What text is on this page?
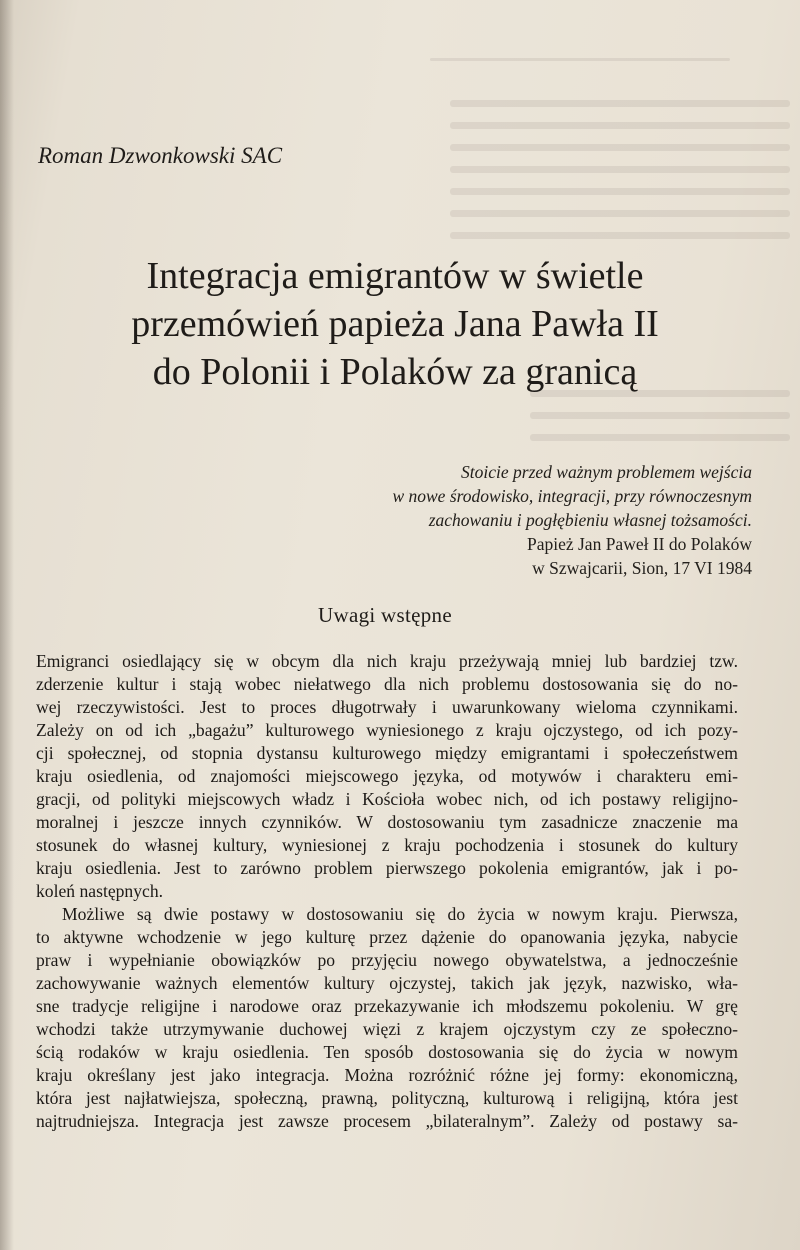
Roman Dzwonkowski SAC
Integracja emigrantów w świetle
przemówień papieża Jana Pawła II
do Polonii i Polaków za granicą
Stoicie przed ważnym problemem wejścia
w nowe środowisko, integracji, przy równoczesnym
zachowaniu i pogłębieniu własnej tożsamości.
Papież Jan Paweł II do Polaków
w Szwajcarii, Sion, 17 VI 1984
Uwagi wstępne
Emigranci osiedlający się w obcym dla nich kraju przeżywają mniej lub bardziej tzw.
zderzenie kultur i stają wobec niełatwego dla nich problemu dostosowania się do no-
wej rzeczywistości. Jest to proces długotrwały i uwarunkowany wieloma czynnikami.
Zależy on od ich „bagażu” kulturowego wyniesionego z kraju ojczystego, od ich pozy-
cji społecznej, od stopnia dystansu kulturowego między emigrantami i społeczeństwem
kraju osiedlenia, od znajomości miejscowego języka, od motywów i charakteru emi-
gracji, od polityki miejscowych władz i Kościoła wobec nich, od ich postawy religijno-
moralnej i jeszcze innych czynników. W dostosowaniu tym zasadnicze znaczenie ma
stosunek do własnej kultury, wyniesionej z kraju pochodzenia i stosunek do kultury
kraju osiedlenia. Jest to zarówno problem pierwszego pokolenia emigrantów, jak i po-
koleń następnych.
Możliwe są dwie postawy w dostosowaniu się do życia w nowym kraju. Pierwsza,
to aktywne wchodzenie w jego kulturę przez dążenie do opanowania języka, nabycie
praw i wypełnianie obowiązków po przyjęciu nowego obywatelstwa, a jednocześnie
zachowywanie ważnych elementów kultury ojczystej, takich jak język, nazwisko, wła-
sne tradycje religijne i narodowe oraz przekazywanie ich młodszemu pokoleniu. W grę
wchodzi także utrzymywanie duchowej więzi z krajem ojczystym czy ze społeczno-
ścią rodaków w kraju osiedlenia. Ten sposób dostosowania się do życia w nowym
kraju określany jest jako integracja. Można rozróżnić różne jej formy: ekonomiczną,
która jest najłatwiejsza, społeczną, prawną, polityczną, kulturową i religijną, która jest
najtrudniejsza. Integracja jest zawsze procesem „bilateralnym”. Zależy od postawy sa-
